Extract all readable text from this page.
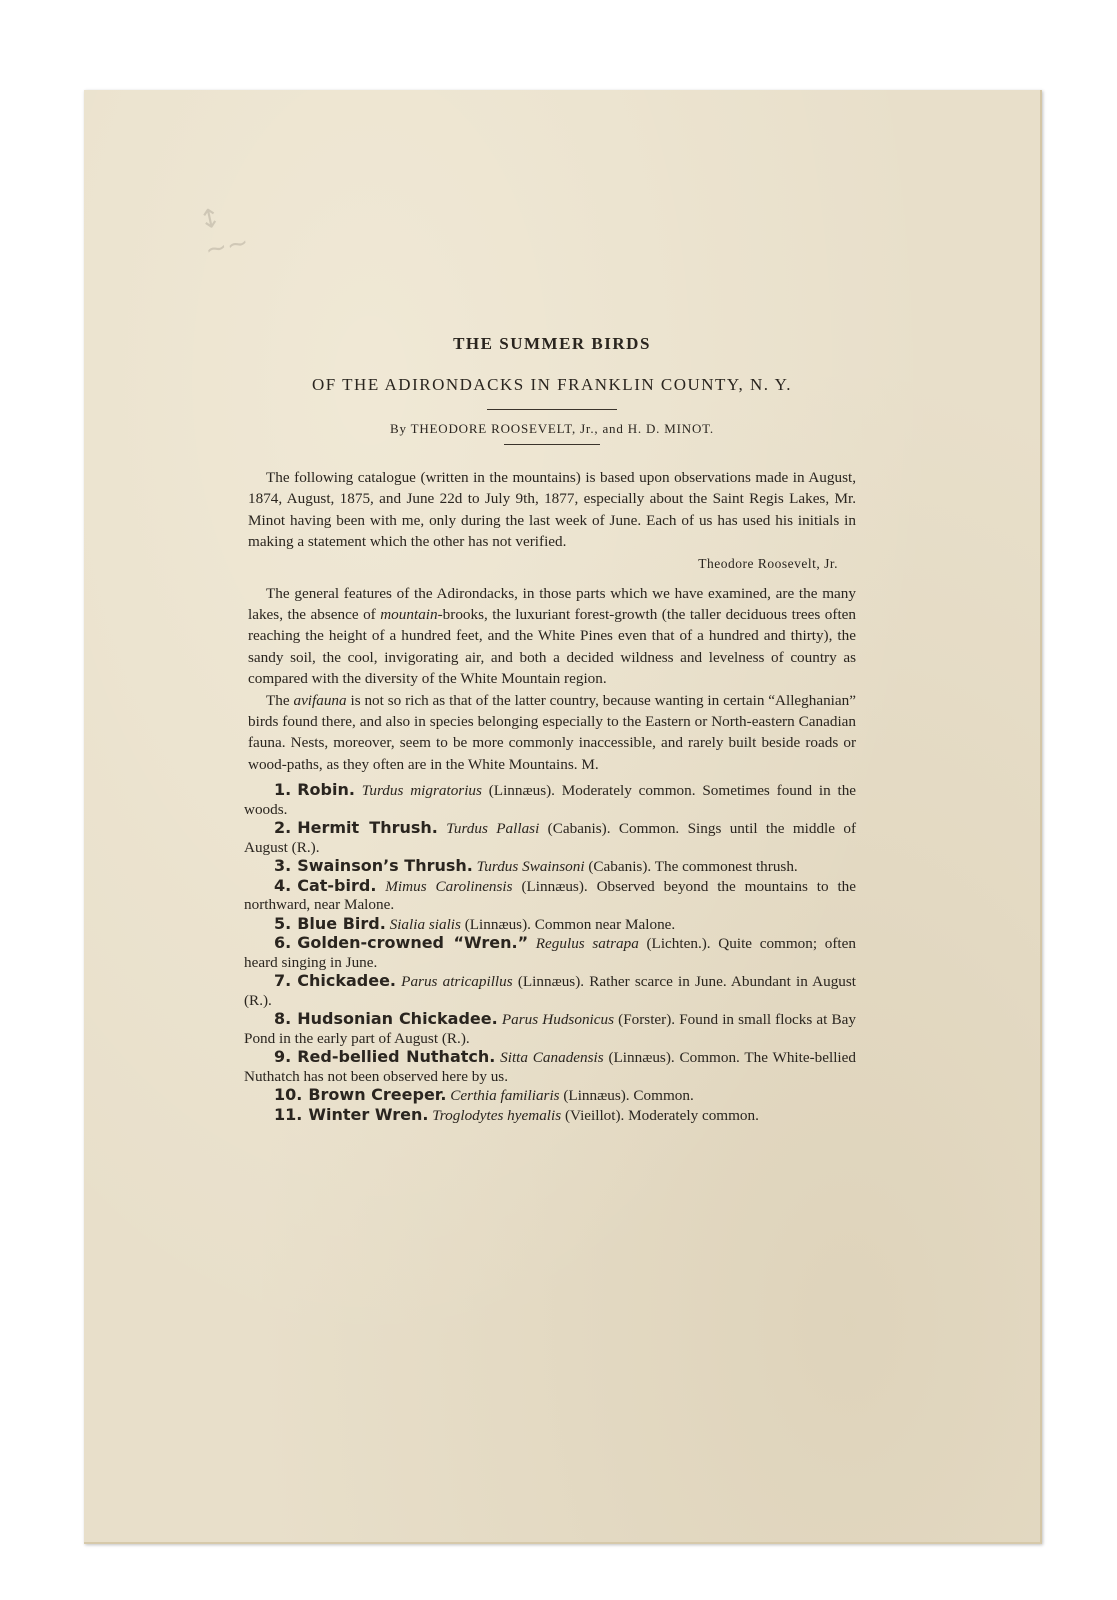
↕
∼∼
THE SUMMER BIRDS
OF THE ADIRONDACKS IN FRANKLIN COUNTY, N. Y.
By THEODORE ROOSEVELT, Jr., and H. D. MINOT.

The following catalogue (written in the mountains) is based upon observations made in August, 1874, August, 1875, and June 22d to July 9th, 1877, especially about the Saint Regis Lakes, Mr. Minot having been with me, only during the last week of June. Each of us has used his initials in making a statement which the other has not verified.

Theodore Roosevelt, Jr.

The general features of the Adirondacks, in those parts which we have examined, are the many lakes, the absence of mountain-brooks, the luxuriant forest-growth (the taller deciduous trees often reaching the height of a hundred feet, and the White Pines even that of a hundred and thirty), the sandy soil, the cool, invigorating air, and both a decided wildness and levelness of country as compared with the diversity of the White Mountain region.

The avifauna is not so rich as that of the latter country, because wanting in certain “Alleghanian” birds found there, and also in species belonging especially to the Eastern or North-eastern Canadian fauna. Nests, moreover, seem to be more commonly inaccessible, and rarely built beside roads or wood-paths, as they often are in the White Mountains. M.

1. Robin. Turdus migratorius (Linnæus). Moderately common. Sometimes found in the woods.
2. Hermit Thrush. Turdus Pallasi (Cabanis). Common. Sings until the middle of August (R.).
3. Swainson’s Thrush. Turdus Swainsoni (Cabanis). The commonest thrush.
4. Cat-bird. Mimus Carolinensis (Linnæus). Observed beyond the mountains to the northward, near Malone.
5. Blue Bird. Sialia sialis (Linnæus). Common near Malone.
6. Golden-crowned “Wren.” Regulus satrapa (Lichten.). Quite common; often heard singing in June.
7. Chickadee. Parus atricapillus (Linnæus). Rather scarce in June. Abundant in August (R.).
8. Hudsonian Chickadee. Parus Hudsonicus (Forster). Found in small flocks at Bay Pond in the early part of August (R.).
9. Red-bellied Nuthatch. Sitta Canadensis (Linnæus). Common. The White-bellied Nuthatch has not been observed here by us.
10. Brown Creeper. Certhia familiaris (Linnæus). Common.
11. Winter Wren. Troglodytes hyemalis (Vieillot). Moderately common.
